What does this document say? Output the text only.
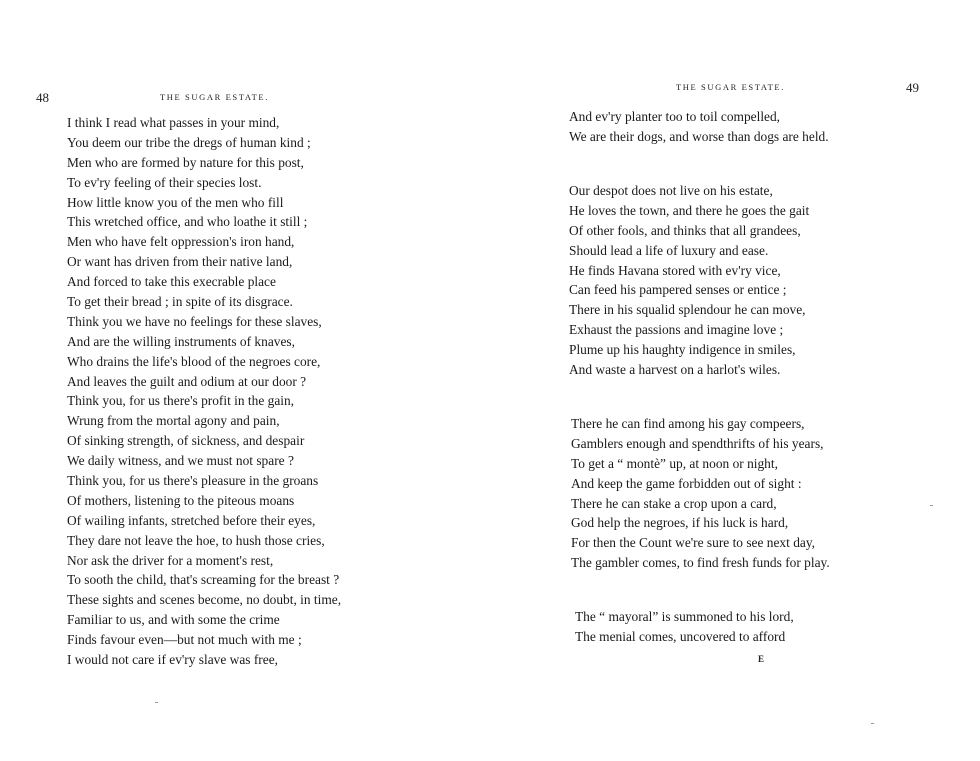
48	THE SUGAR ESTATE.
I think I read what passes in your mind,
You deem our tribe the dregs of human kind ;
Men who are formed by nature for this post,
To ev'ry feeling of their species lost.
How little know you of the men who fill
This wretched office, and who loathe it still ;
Men who have felt oppression's iron hand,
Or want has driven from their native land,
And forced to take this execrable place
To get their bread ; in spite of its disgrace.
Think you we have no feelings for these slaves,
And are the willing instruments of knaves,
Who drains the life's blood of the negroes core,
And leaves the guilt and odium at our door ?
Think you, for us there's profit in the gain,
Wrung from the mortal agony and pain,
Of sinking strength, of sickness, and despair
We daily witness, and we must not spare ?
Think you, for us there's pleasure in the groans
Of mothers, listening to the piteous moans
Of wailing infants, stretched before their eyes,
They dare not leave the hoe, to hush those cries,
Nor ask the driver for a moment's rest,
To sooth the child, that's screaming for the breast ?
These sights and scenes become, no doubt, in time,
Familiar to us, and with some the crime
Finds favour even—but not much with me ;
I would not care if ev'ry slave was free,
THE SUGAR ESTATE.	49
And ev'ry planter too to toil compelled,
We are their dogs, and worse than dogs are held.
Our despot does not live on his estate,
He loves the town, and there he goes the gait
Of other fools, and thinks that all grandees,
Should lead a life of luxury and ease.
He finds Havana stored with ev'ry vice,
Can feed his pampered senses or entice ;
There in his squalid splendour he can move,
Exhaust the passions and imagine love ;
Plume up his haughty indigence in smiles,
And waste a harvest on a harlot's wiles.
There he can find among his gay compeers,
Gamblers enough and spendthrifts of his years,
To get a “ montè” up, at noon or night,
And keep the game forbidden out of sight :
There he can stake a crop upon a card,
God help the negroes, if his luck is hard,
For then the Count we're sure to see next day,
The gambler comes, to find fresh funds for play.
The “ mayoral” is summoned to his lord,
The menial comes, uncovered to afford
E
